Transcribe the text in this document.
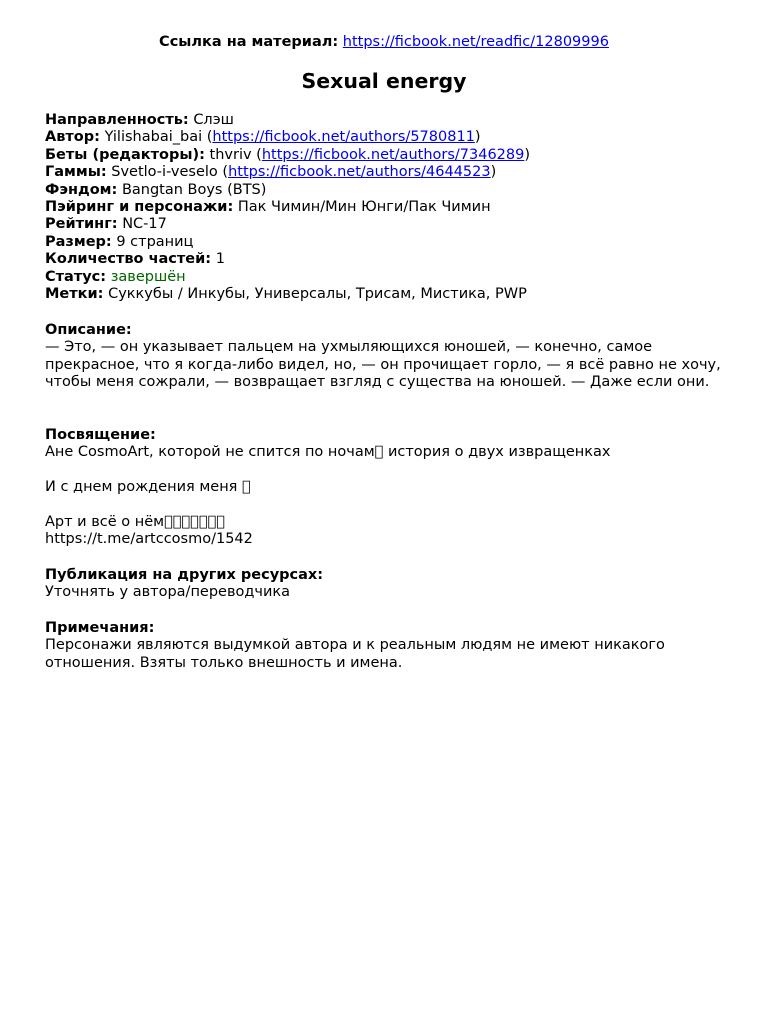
Ссылка на материал: https://ficbook.net/readfic/12809996
Sexual energy
Направленность: Слэш
Автор: Yilishabai_bai (https://ficbook.net/authors/5780811)
Беты (редакторы): thvriv (https://ficbook.net/authors/7346289)
Гаммы: Svetlo-i-veselo (https://ficbook.net/authors/4644523)
Фэндом: Bangtan Boys (BTS)
Пэйринг и персонажи: Пак Чимин/Мин Юнги/Пак Чимин
Рейтинг: NC-17
Размер: 9 страниц
Количество частей: 1
Статус: завершён
Метки: Суккубы / Инкубы, Универсалы, Трисам, Мистика, PWP
Описание:

— Это, — он указывает пальцем на ухмыляющихся юношей, — конечно, самое прекрасное, что я когда-либо видел, но, — он прочищает горло, — я всё равно не хочу, чтобы меня сожрали, — возвращает взгляд с существа на юношей. — Даже если они.

Посвящение:
Ане CosmoArt, которой не спится по ночам􏰀 история о двух извращенках
И с днем рождения меня 􏰀
Арт и всё о нём􏰀􏰀􏰀􏰀􏰀􏰀􏰀
https://t.me/artccosmo/1542
Публикация на других ресурсах:
Уточнять у автора/переводчика
Примечания:

Персонажи являются выдумкой автора и к реальным людям не имеют никакого отношения. Взяты только внешность и имена.
